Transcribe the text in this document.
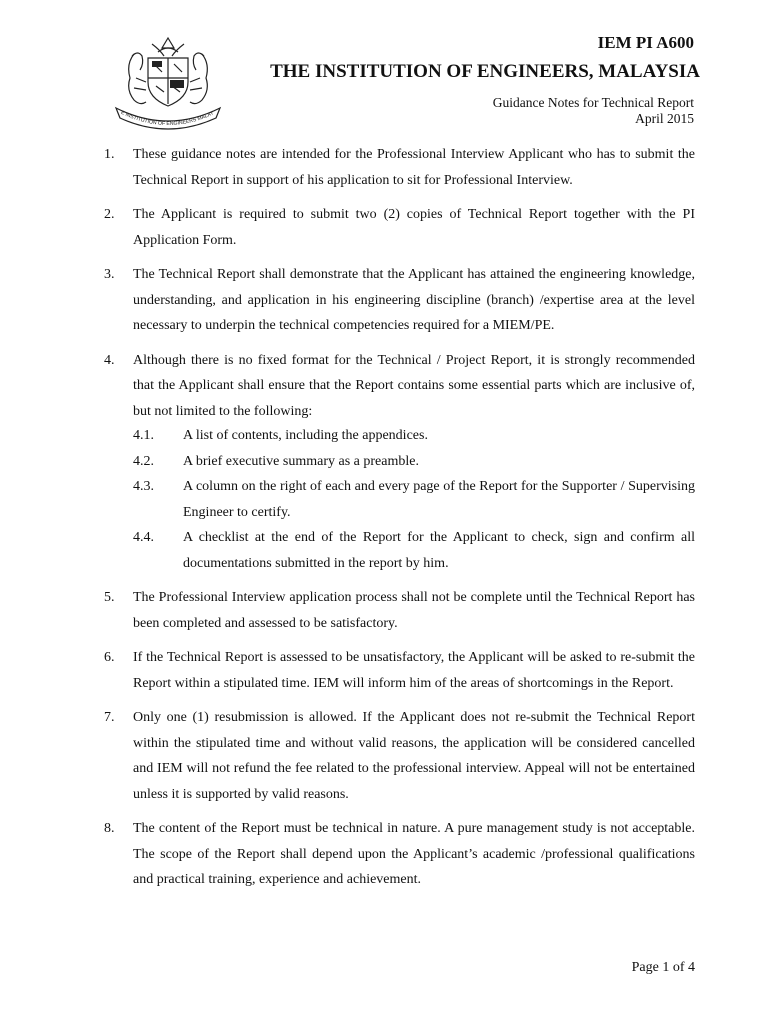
E INSTITUTION OF ENGINEERS MALAY
IEM PI A600
THE INSTITUTION OF ENGINEERS, MALAYSIA
Guidance Notes for Technical Report
April 2015
1.	These guidance notes are intended for the Professional Interview Applicant who has to submit the Technical Report in support of his application to sit for Professional Interview.
2.	The Applicant is required to submit two (2) copies of Technical Report together with the PI Application Form.
3.	The Technical Report shall demonstrate that the Applicant has attained the engineering knowledge, understanding, and application in his engineering discipline (branch) /expertise area at the level necessary to underpin the technical competencies required for a MIEM/PE.
4.	Although there is no fixed format for the Technical / Project Report, it is strongly recommended that the Applicant shall ensure that the Report contains some essential parts which are inclusive of, but not limited to the following:
4.1.	A list of contents, including the appendices.
4.2.	A brief executive summary as a preamble.
4.3.	A column on the right of each and every page of the Report for the Supporter / Supervising Engineer to certify.
4.4.	A checklist at the end of the Report for the Applicant to check, sign and confirm all documentations submitted in the report by him.
5.	The Professional Interview application process shall not be complete until the Technical Report has been completed and assessed to be satisfactory.
6.	If the Technical Report is assessed to be unsatisfactory, the Applicant will be asked to re-submit the Report within a stipulated time. IEM will inform him of the areas of shortcomings in the Report.
7.	Only one (1) resubmission is allowed. If the Applicant does not re-submit the Technical Report within the stipulated time and without valid reasons, the application will be considered cancelled and IEM will not refund the fee related to the professional interview. Appeal will not be entertained unless it is supported by valid reasons.
8.	The content of the Report must be technical in nature. A pure management study is not acceptable. The scope of the Report shall depend upon the Applicant’s academic /professional qualifications and practical training, experience and achievement.
Page 1 of 4
